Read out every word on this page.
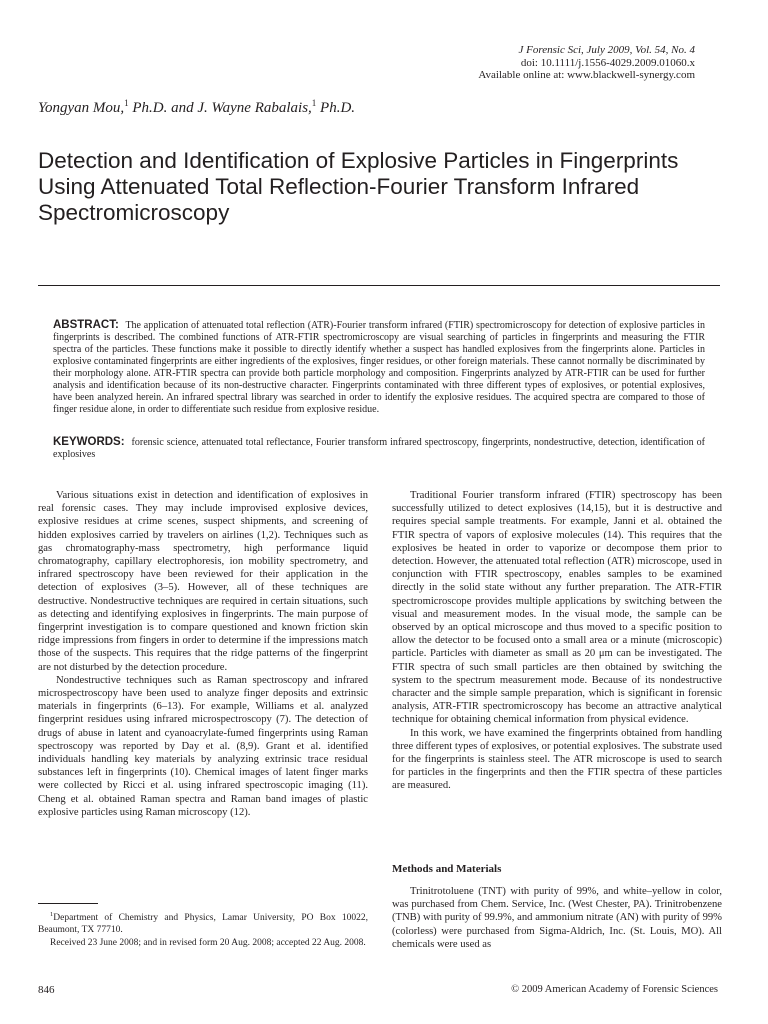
J Forensic Sci, July 2009, Vol. 54, No. 4
doi: 10.1111/j.1556-4029.2009.01060.x
Available online at: www.blackwell-synergy.com
Yongyan Mou,$^1$ Ph.D. and J. Wayne Rabalais,$^1$ Ph.D.
Detection and Identification of Explosive Particles in Fingerprints Using Attenuated Total Reflection-Fourier Transform Infrared Spectromicroscopy
ABSTRACT: The application of attenuated total reflection (ATR)-Fourier transform infrared (FTIR) spectromicroscopy for detection of explosive particles in fingerprints is described. The combined functions of ATR-FTIR spectromicroscopy are visual searching of particles in fingerprints and measuring the FTIR spectra of the particles. These functions make it possible to directly identify whether a suspect has handled explosives from the fingerprints alone. Particles in explosive contaminated fingerprints are either ingredients of the explosives, finger residues, or other foreign materials. These cannot normally be discriminated by their morphology alone. ATR-FTIR spectra can provide both particle morphology and composition. Fingerprints analyzed by ATR-FTIR can be used for further analysis and identification because of its non-destructive character. Fingerprints contaminated with three different types of explosives, or potential explosives, have been analyzed herein. An infrared spectral library was searched in order to identify the explosive residues. The acquired spectra are compared to those of finger residue alone, in order to differentiate such residue from explosive residue.
KEYWORDS: forensic science, attenuated total reflectance, Fourier transform infrared spectroscopy, fingerprints, nondestructive, detection, identification of explosives

Various situations exist in detection and identification of explosives in real forensic cases. They may include improvised explosive devices, explosive residues at crime scenes, suspect shipments, and screening of hidden explosives carried by travelers on airlines (1,2). Techniques such as gas chromatography-mass spectrometry, high performance liquid chromatography, capillary electrophoresis, ion mobility spectrometry, and infrared spectroscopy have been reviewed for their application in the detection of explosives (3–5). However, all of these techniques are destructive. Nondestructive techniques are required in certain situations, such as detecting and identifying explosives in fingerprints. The main purpose of fingerprint investigation is to compare questioned and known friction skin ridge impressions from fingers in order to determine if the impressions match those of the suspects. This requires that the ridge patterns of the fingerprint are not disturbed by the detection procedure.

Nondestructive techniques such as Raman spectroscopy and infrared microspectroscopy have been used to analyze finger deposits and extrinsic materials in fingerprints (6–13). For example, Williams et al. analyzed fingerprint residues using infrared microspectroscopy (7). The detection of drugs of abuse in latent and cyanoacrylate-fumed fingerprints using Raman spectroscopy was reported by Day et al. (8,9). Grant et al. identified individuals handling key materials by analyzing extrinsic trace residual substances left in fingerprints (10). Chemical images of latent finger marks were collected by Ricci et al. using infrared spectroscopic imaging (11). Cheng et al. obtained Raman spectra and Raman band images of plastic explosive particles using Raman microscopy (12).

$^1$Department of Chemistry and Physics, Lamar University, PO Box 10022, Beaumont, TX 77710.

Received 23 June 2008; and in revised form 20 Aug. 2008; accepted 22 Aug. 2008.

Traditional Fourier transform infrared (FTIR) spectroscopy has been successfully utilized to detect explosives (14,15), but it is destructive and requires special sample treatments. For example, Janni et al. obtained the FTIR spectra of vapors of explosive molecules (14). This requires that the explosives be heated in order to vaporize or decompose them prior to detection. However, the attenuated total reflection (ATR) microscope, used in conjunction with FTIR spectroscopy, enables samples to be examined directly in the solid state without any further preparation. The ATR-FTIR spectromicroscope provides multiple applications by switching between the visual and measurement modes. In the visual mode, the sample can be observed by an optical microscope and thus moved to a specific position to allow the detector to be focused onto a small area or a minute (microscopic) particle. Particles with diameter as small as 20 μm can be investigated. The FTIR spectra of such small particles are then obtained by switching the system to the spectrum measurement mode. Because of its nondestructive character and the simple sample preparation, which is significant in forensic analysis, ATR-FTIR spectromicroscopy has become an attractive analytical technique for obtaining chemical information from physical evidence.

In this work, we have examined the fingerprints obtained from handling three different types of explosives, or potential explosives. The substrate used for the fingerprints is stainless steel. The ATR microscope is used to search for particles in the fingerprints and then the FTIR spectra of these particles are measured.

Methods and Materials

Trinitrotoluene (TNT) with purity of 99%, and white–yellow in color, was purchased from Chem. Service, Inc. (West Chester, PA). Trinitrobenzene (TNB) with purity of 99.9%, and ammonium nitrate (AN) with purity of 99% (colorless) were purchased from Sigma-Aldrich, Inc. (St. Louis, MO). All chemicals were used as

846	© 2009 American Academy of Forensic Sciences
